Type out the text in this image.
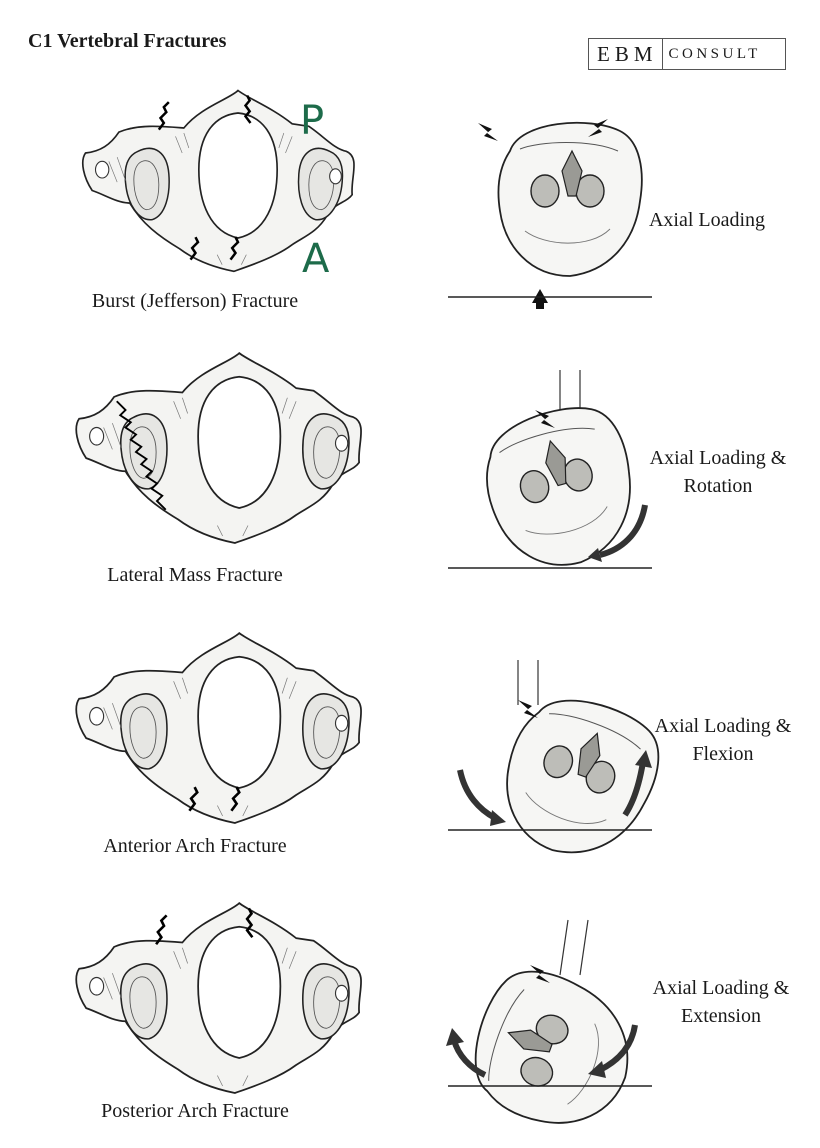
C1 Vertebral Fractures
EBM CONSULT
P
A
Burst (Jefferson) Fracture
Axial Loading
Lateral Mass Fracture
Axial Loading &
Rotation
Anterior Arch Fracture
Axial Loading &
Flexion
Posterior Arch Fracture
Axial Loading &
Extension
